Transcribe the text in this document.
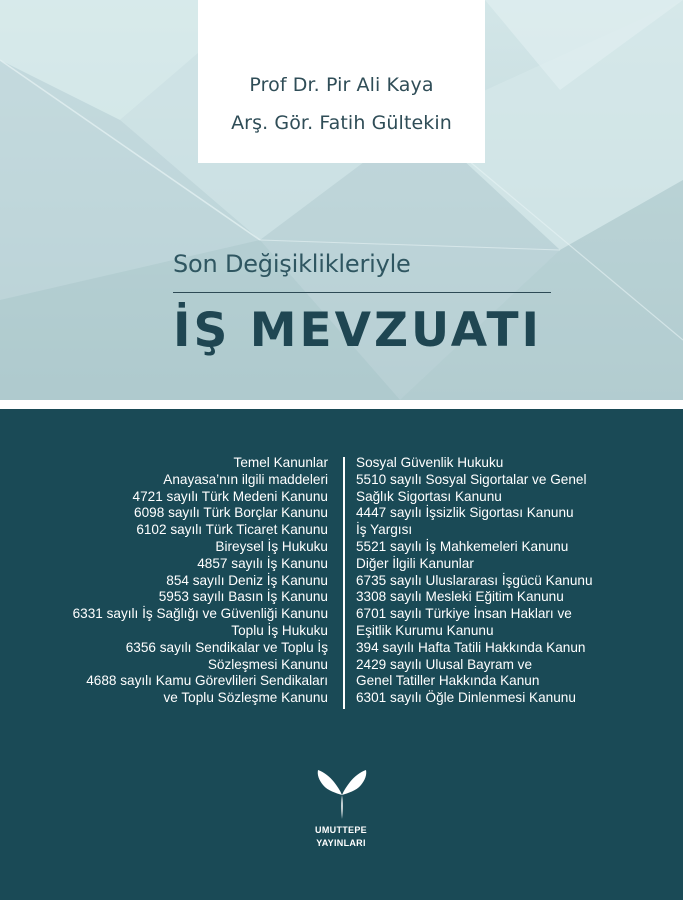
Prof Dr. Pir Ali Kaya
Arş. Gör. Fatih Gültekin
Son Değişiklikleriyle
İŞ MEVZUATI
Temel Kanunlar
Anayasa’nın ilgili maddeleri
4721 sayılı Türk Medeni Kanunu
6098 sayılı Türk Borçlar Kanunu
6102 sayılı Türk Ticaret Kanunu
Bireysel İş Hukuku
4857 sayılı İş Kanunu
854 sayılı Deniz İş Kanunu
5953 sayılı Basın İş Kanunu
6331 sayılı İş Sağlığı ve Güvenliği Kanunu
Toplu İş Hukuku
6356 sayılı Sendikalar ve Toplu İş
Sözleşmesi Kanunu
4688 sayılı Kamu Görevlileri Sendikaları
ve Toplu Sözleşme Kanunu
Sosyal Güvenlik Hukuku
5510 sayılı Sosyal Sigortalar ve Genel
Sağlık Sigortası Kanunu
4447 sayılı İşsizlik Sigortası Kanunu
İş Yargısı
5521 sayılı İş Mahkemeleri Kanunu
Diğer İlgili Kanunlar
6735 sayılı Uluslararası İşgücü Kanunu
3308 sayılı Mesleki Eğitim Kanunu
6701 sayılı Türkiye İnsan Hakları ve
Eşitlik Kurumu Kanunu
394 sayılı Hafta Tatili Hakkında Kanun
2429 sayılı Ulusal Bayram ve
Genel Tatiller Hakkında Kanun
6301 sayılı Öğle Dinlenmesi Kanunu
UMUTTEPE
YAYINLARI
